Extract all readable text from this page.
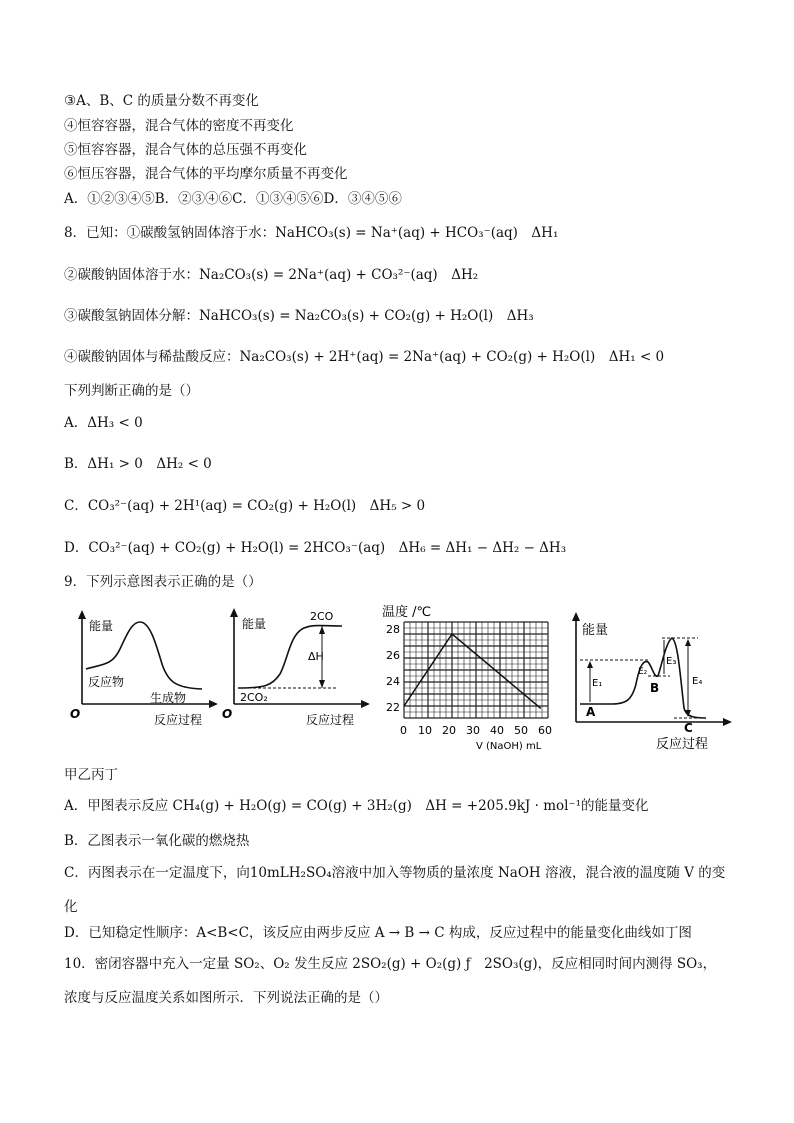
③A、B、C 的质量分数不再变化
④恒容容器，混合气体的密度不再变化
⑤恒容容器，混合气体的总压强不再变化
⑥恒压容器，混合气体的平均摩尔质量不再变化
A．①②③④⑤B．②③④⑥C．①③④⑤⑥D．③④⑤⑥
8．已知：①碳酸氢钠固体溶于水：NaHCO₃(s) = Na⁺(aq) + HCO₃⁻(aq)　ΔH₁
②碳酸钠固体溶于水：Na₂CO₃(s) = 2Na⁺(aq) + CO₃²⁻(aq)　ΔH₂
③碳酸氢钠固体分解：NaHCO₃(s) = Na₂CO₃(s) + CO₂(g) + H₂O(l)　ΔH₃
④碳酸钠固体与稀盐酸反应：Na₂CO₃(s) + 2H⁺(aq) = 2Na⁺(aq) + CO₂(g) + H₂O(l)　ΔH₁ < 0
下列判断正确的是（）
A．ΔH₃ < 0
B．ΔH₁ > 0　ΔH₂ < 0
C．CO₃²⁻(aq) + 2H¹(aq) = CO₂(g) + H₂O(l)　ΔH₅ > 0
D．CO₃²⁻(aq) + CO₂(g) + H₂O(l) = 2HCO₃⁻(aq)　ΔH₆ = ΔH₁ − ΔH₂ − ΔH₃
9．下列示意图表示正确的是（）
能量
反应物
生成物
O	反应过程
能量
2CO
ΔH
2CO₂
O	反应过程
温度 /℃
28
26
24
22
0 10 20 30 40 50 60
V (NaOH) mL
能量
E₁
E₂
E₃
E₄
A
B
C
反应过程
甲乙丙丁
A．甲图表示反应 CH₄(g) + H₂O(g) = CO(g) + 3H₂(g)　ΔH = +205.9kJ · mol⁻¹的能量变化
B．乙图表示一氧化碳的燃烧热
C．丙图表示在一定温度下，向10mLH₂SO₄溶液中加入等物质的量浓度 NaOH 溶液，混合液的温度随 V 的变
化
D．已知稳定性顺序：A<B<C，该反应由两步反应 A → B → C 构成，反应过程中的能量变化曲线如丁图
10．密闭容器中充入一定量 SO₂、O₂ 发生反应 2SO₂(g) + O₂(g) ƒ　2SO₃(g)，反应相同时间内测得 SO₃，
浓度与反应温度关系如图所示．下列说法正确的是（）
